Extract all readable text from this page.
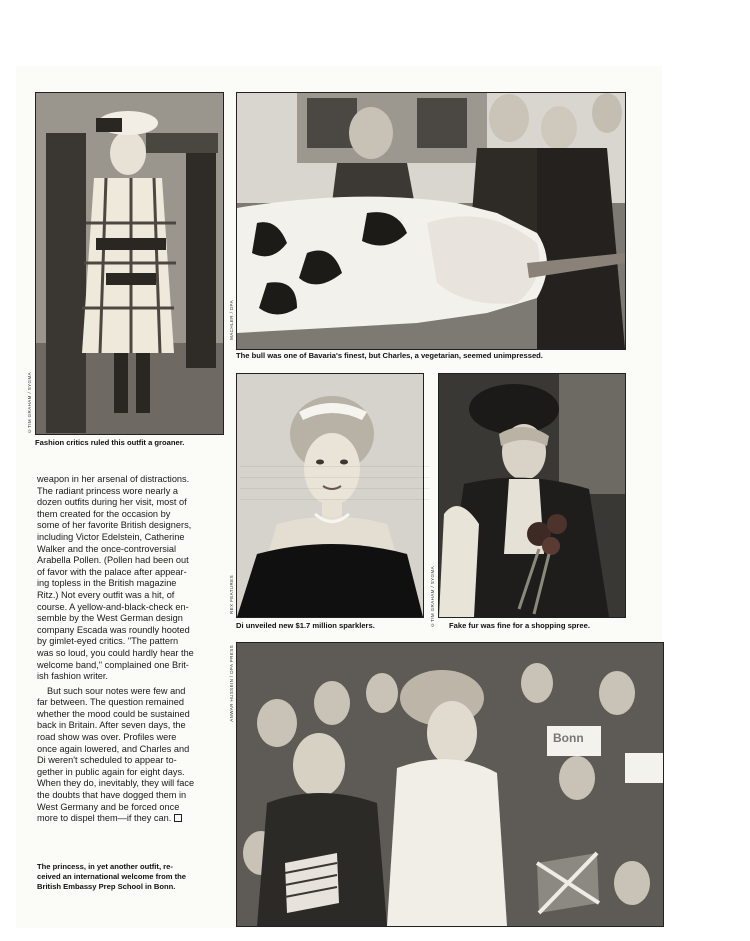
©TIM GRAHAM / SYGMA
Fashion critics ruled this outfit a groaner.
MACHLER / DPA
The bull was one of Bavaria's finest, but Charles, a vegetarian, seemed unimpressed.
REX FEATURES
Di unveiled new $1.7 million sparklers.	©TIM GRAHAM / SYGMA Fake fur was fine for a shopping spree.
Bonn
ANWAR HUSSEIN / DPA PRESS

weapon in her arsenal of distractions.
The radiant princess wore nearly a
dozen outfits during her visit, most of
them created for the occasion by
some of her favorite British designers,
including Victor Edelstein, Catherine
Walker and the once-controversial
Arabella Pollen. (Pollen had been out
of favor with the palace after appear-
ing topless in the British magazine
Ritz.) Not every outfit was a hit, of
course. A yellow-and-black-check en-
semble by the West German design
company Escada was roundly hooted
by gimlet-eyed critics. "The pattern
was so loud, you could hardly hear the
welcome band," complained one Brit-
ish fashion writer.

But such sour notes were few and
far between. The question remained
whether the mood could be sustained
back in Britain. After seven days, the
road show was over. Profiles were
once again lowered, and Charles and
Di weren't scheduled to appear to-
gether in public again for eight days.
When they do, inevitably, they will face
the doubts that have dogged them in
West Germany and be forced once
more to dispel them—if they can.

The princess, in yet another outfit, re-
ceived an international welcome from the
British Embassy Prep School in Bonn.
